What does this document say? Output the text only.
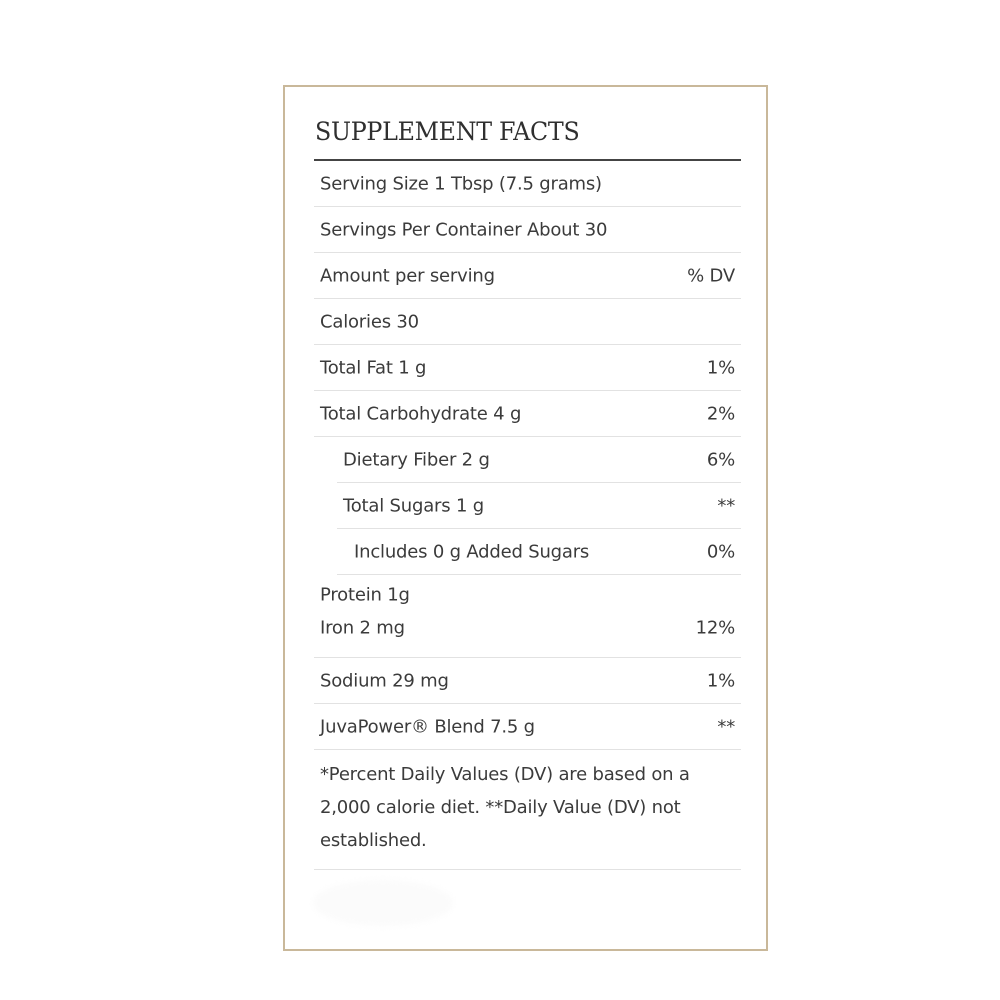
SUPPLEMENT FACTS
Serving Size 1 Tbsp (7.5 grams)
Servings Per Container About 30
Amount per serving	% DV
Calories 30
Total Fat 1 g	1%
Total Carbohydrate 4 g	2%
Dietary Fiber 2 g	6%
Total Sugars 1 g	**
Includes 0 g Added Sugars	0%
Protein 1g
Iron 2 mg	12%
Sodium 29 mg	1%
JuvaPower® Blend 7.5 g	**
*Percent Daily Values (DV) are based on a 2,000 calorie diet. **Daily Value (DV) not established.
